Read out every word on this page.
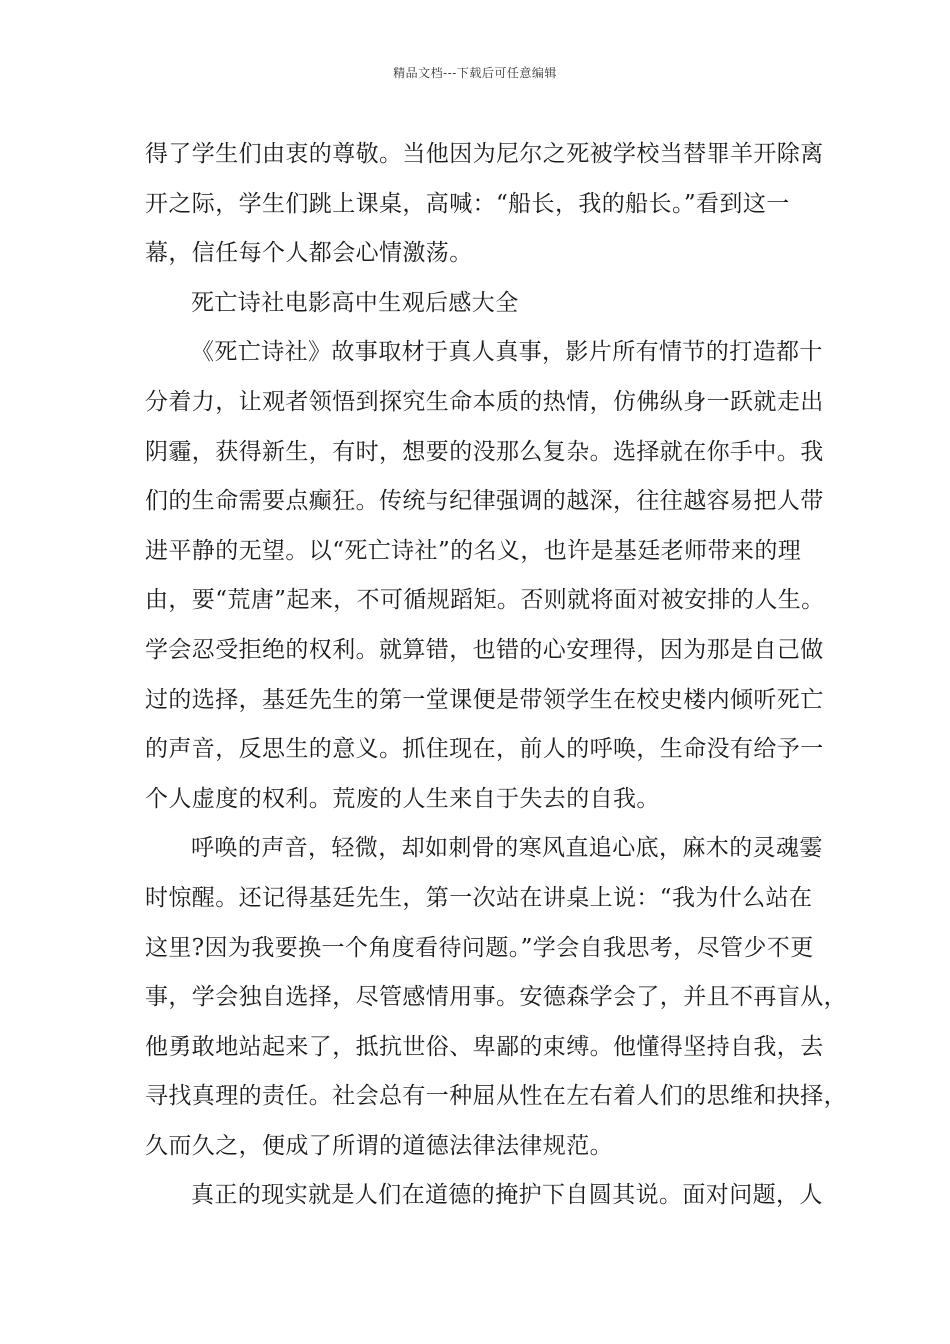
精品文档---下载后可任意编辑
得了学生们由衷的尊敬。当他因为尼尔之死被学校当替罪羊开除离
开之际，学生们跳上课桌，高喊：“船长，我的船长。”看到这一
幕，信任每个人都会心情激荡。
死亡诗社电影高中生观后感大全
《死亡诗社》故事取材于真人真事，影片所有情节的打造都十
分着力，让观者领悟到探究生命本质的热情，仿佛纵身一跃就走出
阴霾，获得新生，有时，想要的没那么复杂。选择就在你手中。我
们的生命需要点癫狂。传统与纪律强调的越深，往往越容易把人带
进平静的无望。以“死亡诗社”的名义，也许是基廷老师带来的理
由，要“荒唐”起来，不可循规蹈矩。否则就将面对被安排的人生。
学会忍受拒绝的权利。就算错，也错的心安理得，因为那是自己做
过的选择，基廷先生的第一堂课便是带领学生在校史楼内倾听死亡
的声音，反思生的意义。抓住现在，前人的呼唤，生命没有给予一
个人虚度的权利。荒废的人生来自于失去的自我。
呼唤的声音，轻微，却如刺骨的寒风直追心底，麻木的灵魂霎
时惊醒。还记得基廷先生，第一次站在讲桌上说：“我为什么站在
这里?因为我要换一个角度看待问题。”学会自我思考，尽管少不更
事，学会独自选择，尽管感情用事。安德森学会了，并且不再盲从，
他勇敢地站起来了，抵抗世俗、卑鄙的束缚。他懂得坚持自我，去
寻找真理的责任。社会总有一种屈从性在左右着人们的思维和抉择，
久而久之，便成了所谓的道德法律法律规范。
真正的现实就是人们在道德的掩护下自圆其说。面对问题，人
